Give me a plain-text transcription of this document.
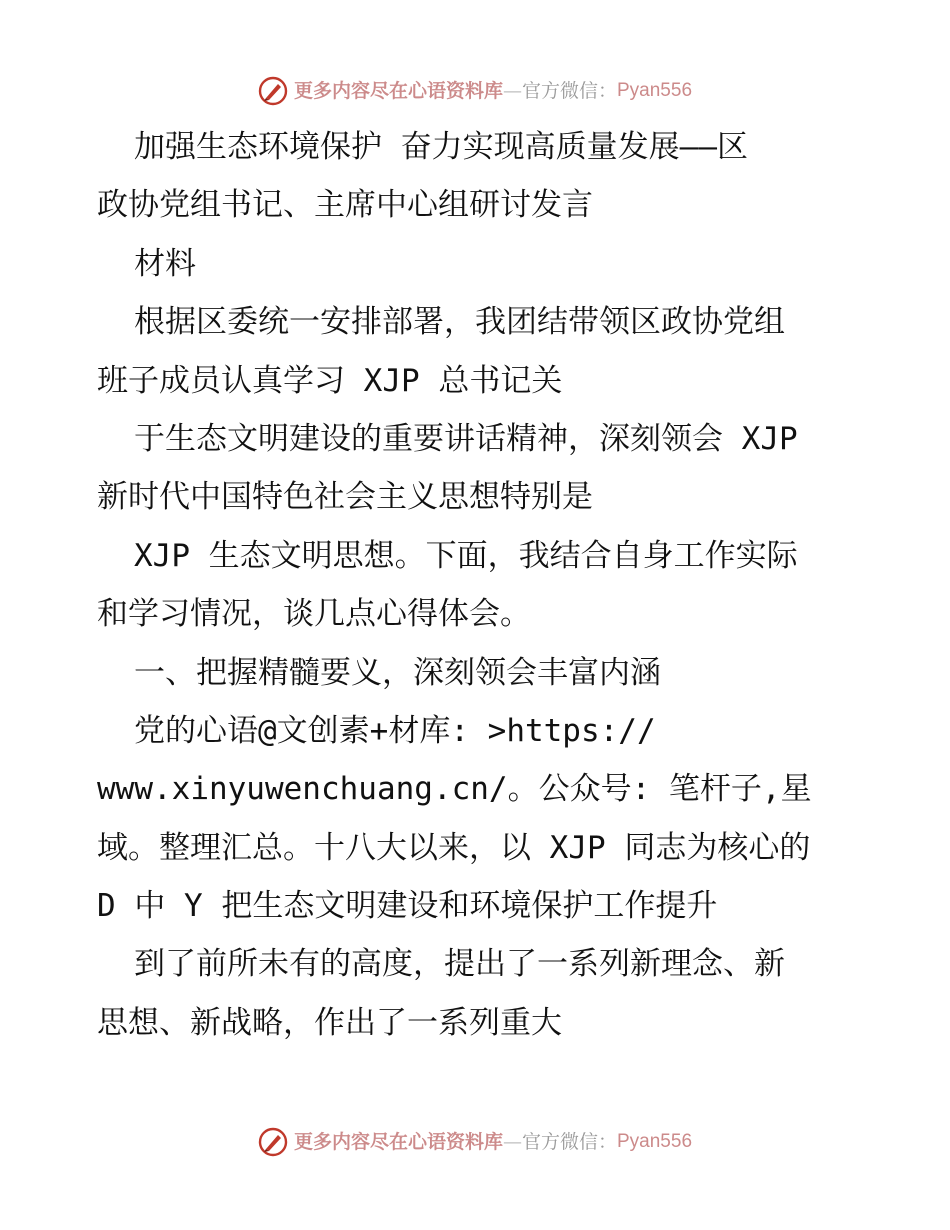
更多内容尽在心语资料库 — 官方微信： Pyan556
加强生态环境保护 奋力实现高质量发展——区
政协党组书记、主席中心组研讨发言
材料
根据区委统一安排部署，我团结带领区政协党组
班子成员认真学习 XJP 总书记关
于生态文明建设的重要讲话精神，深刻领会 XJP
新时代中国特色社会主义思想特别是
XJP 生态文明思想。下面，我结合自身工作实际
和学习情况，谈几点心得体会。
一、把握精髓要义，深刻领会丰富内涵
党的心语@文创素+材库: >https://
www.xinyuwenchuang.cn/。公众号: 笔杆子,星
域。整理汇总。十八大以来，以 XJP 同志为核心的
D 中 Y 把生态文明建设和环境保护工作提升
到了前所未有的高度，提出了一系列新理念、新
思想、新战略，作出了一系列重大
更多内容尽在心语资料库 — 官方微信： Pyan556
